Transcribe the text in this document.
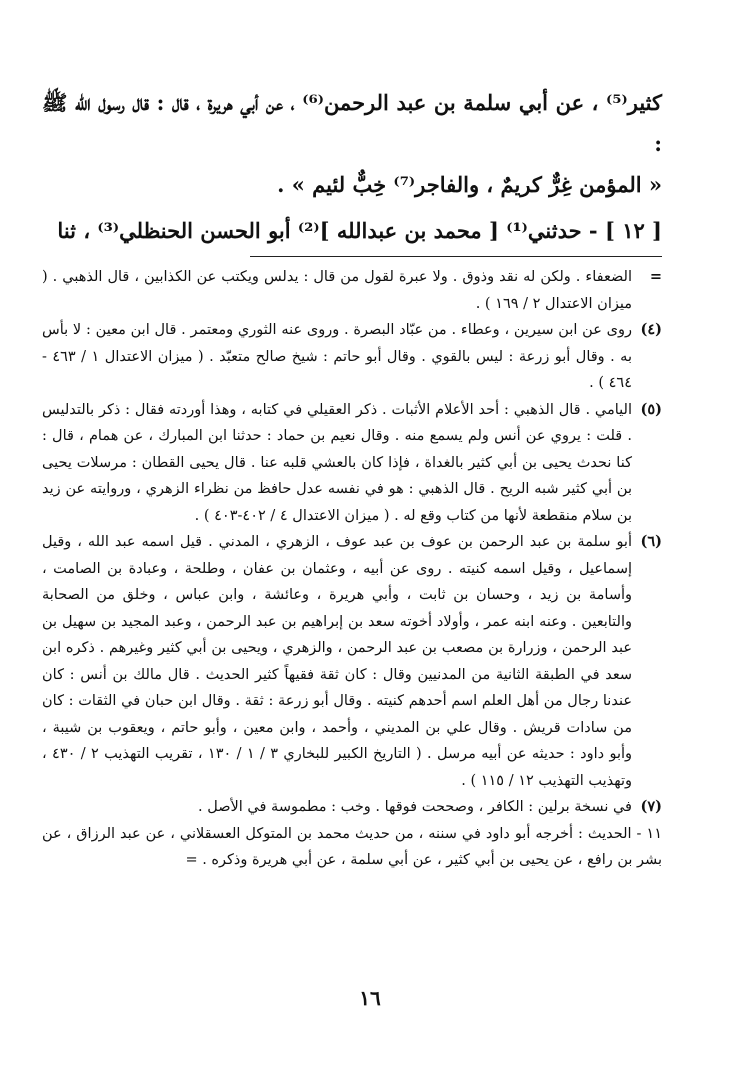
كثير⁽⁵⁾ ، عن أبي سلمة بن عبد الرحمن⁽⁶⁾ ، عن أبي هريرة ، قال : قال رسول الله ﷺ :

« المؤمن غِرٌّ كريمٌ ، والفاجر⁽⁷⁾ خِبٌّ لئيم » .

[ ١٢ ] - حدثني⁽¹⁾ [ محمد بن عبدالله ]⁽²⁾ أبو الحسن الحنظلي⁽³⁾ ، ثنا

=
الضعفاء . ولكن له نقد وذوق . ولا عبرة لقول من قال : يدلس ويكتب عن الكذابين ، قال الذهبي . ( ميزان الاعتدال ٢ / ١٦٩ ) .
(٤)
روى عن ابن سيرين ، وعطاء . من عبّاد البصرة . وروى عنه الثوري ومعتمر . قال ابن معين : لا بأس به . وقال أبو زرعة : ليس بالقوي . وقال أبو حاتم : شيخ صالح متعبّد . ( ميزان الاعتدال ١ / ٤٦٣ - ٤٦٤ ) .
(٥)
اليامي . قال الذهبي : أحد الأعلام الأثبات . ذكر العقيلي في كتابه ، وهذا أوردته فقال : ذكر بالتدليس . قلت : يروي عن أنس ولم يسمع منه . وقال نعيم بن حماد : حدثنا ابن المبارك ، عن همام ، قال : كنا نحدث يحيى بن أبي كثير بالغداة ، فإذا كان بالعشي قلبه عنا . قال يحيى القطان : مرسلات يحيى بن أبي كثير شبه الريح . قال الذهبي : هو في نفسه عدل حافظ من نظراء الزهري ، وروايته عن زيد بن سلام منقطعة لأنها من كتاب وقع له . ( ميزان الاعتدال ٤ / ٤٠٢-٤٠٣ ) .
(٦)
أبو سلمة بن عبد الرحمن بن عوف بن عبد عوف ، الزهري ، المدني . قيل اسمه عبد الله ، وقيل إسماعيل ، وقيل اسمه كنيته . روى عن أبيه ، وعثمان بن عفان ، وطلحة ، وعبادة بن الصامت ، وأسامة بن زيد ، وحسان بن ثابت ، وأبي هريرة ، وعائشة ، وابن عباس ، وخلق من الصحابة والتابعين . وعنه ابنه عمر ، وأولاد أخوته سعد بن إبراهيم بن عبد الرحمن ، وعبد المجيد بن سهيل بن عبد الرحمن ، وزرارة بن مصعب بن عبد الرحمن ، والزهري ، ويحيى بن أبي كثير وغيرهم . ذكره ابن سعد في الطبقة الثانية من المدنيين وقال : كان ثقة فقيهاً كثير الحديث . قال مالك بن أنس : كان عندنا رجال من أهل العلم اسم أحدهم كنيته . وقال أبو زرعة : ثقة . وقال ابن حبان في الثقات : كان من سادات قريش . وقال علي بن المديني ، وأحمد ، وابن معين ، وأبو حاتم ، ويعقوب بن شيبة ، وأبو داود : حديثه عن أبيه مرسل . ( التاريخ الكبير للبخاري ٣ / ١ / ١٣٠ ، تقريب التهذيب ٢ / ٤٣٠ ، وتهذيب التهذيب ١٢ / ١١٥ ) .
(٧)
في نسخة برلين : الكافر ، وصححت فوقها . وخب : مطموسة في الأصل .
١١ - الحديث : أخرجه أبو داود في سننه ، من حديث محمد بن المتوكل العسقلاني ، عن عبد الرزاق ، عن بشر بن رافع ، عن يحيى بن أبي كثير ، عن أبي سلمة ، عن أبي هريرة وذكره . =
١٦
